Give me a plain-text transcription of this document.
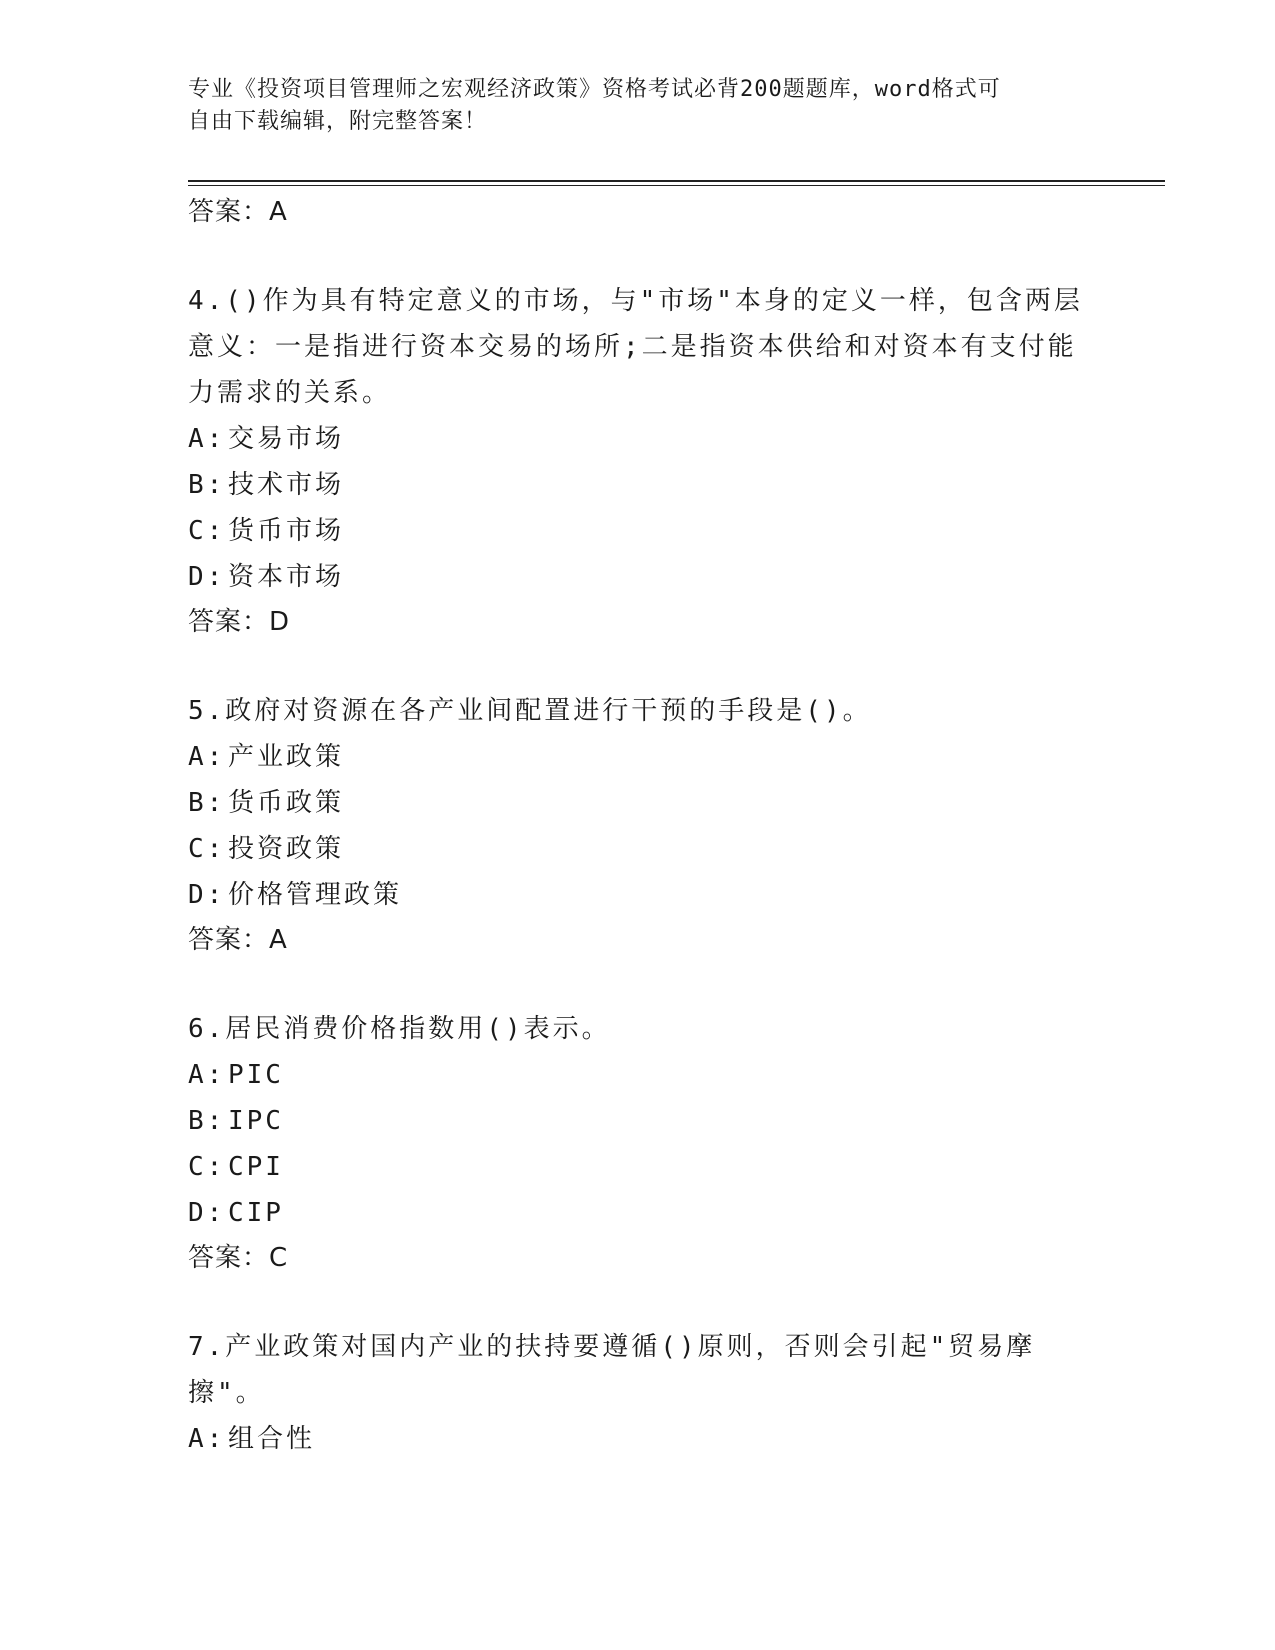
专业《投资项目管理师之宏观经济政策》资格考试必背200题题库，word格式可
自由下载编辑，附完整答案！
答案：A
4.()作为具有特定意义的市场，与"市场"本身的定义一样，包含两层意义：一是指进行资本交易的场所;二是指资本供给和对资本有支付能力需求的关系。
A: 交易市场
B: 技术市场
C: 货币市场
D: 资本市场
答案：D
5.政府对资源在各产业间配置进行干预的手段是()。
A: 产业政策
B: 货币政策
C: 投资政策
D: 价格管理政策
答案：A
6.居民消费价格指数用()表示。
A: PIC
B: IPC
C: CPI
D: CIP
答案：C
7.产业政策对国内产业的扶持要遵循()原则，否则会引起"贸易摩擦"。
A: 组合性
